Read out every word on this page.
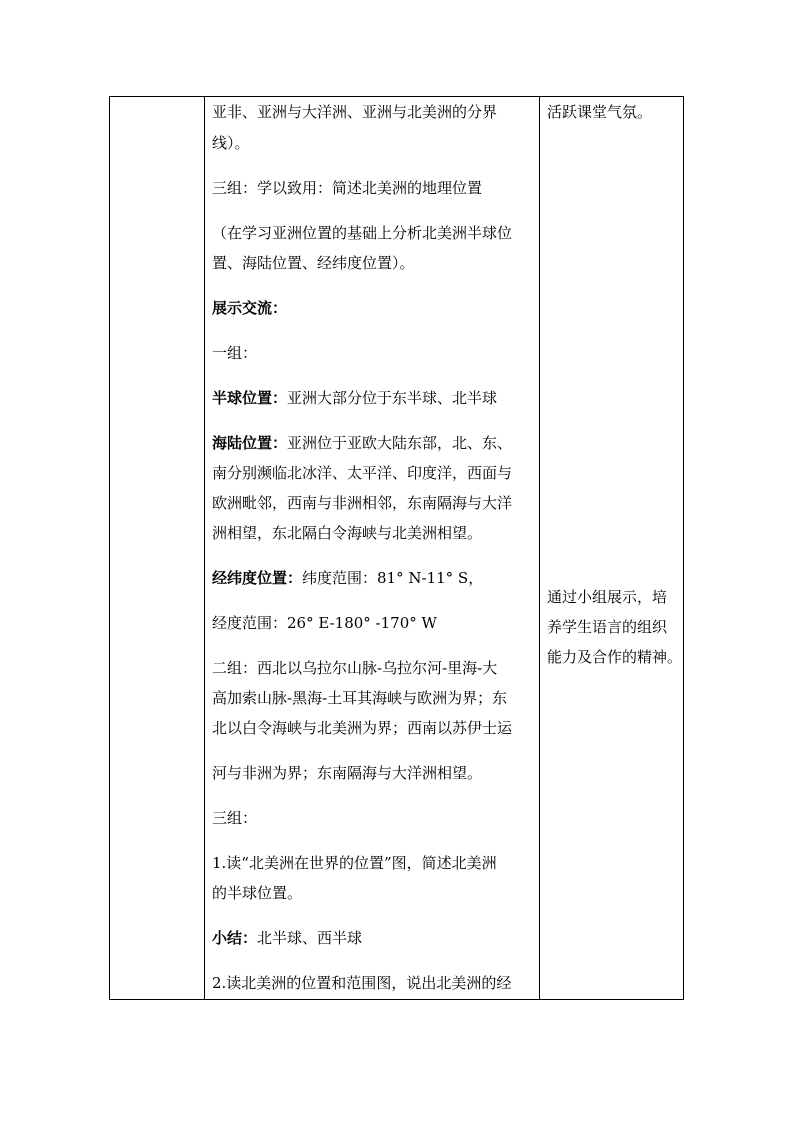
亚非、亚洲与大洋洲、亚洲与北美洲的分界

线）。

三组：学以致用：简述北美洲的地理位置

（在学习亚洲位置的基础上分析北美洲半球位

置、海陆位置、经纬度位置）。

展示交流：

一组：

半球位置：亚洲大部分位于东半球、北半球

海陆位置：亚洲位于亚欧大陆东部，北、东、

南分别濒临北冰洋、太平洋、印度洋，西面与

欧洲毗邻，西南与非洲相邻，东南隔海与大洋

洲相望，东北隔白令海峡与北美洲相望。

经纬度位置：纬度范围：81° N-11° S，

经度范围：26° E-180° -170° W

二组：西北以乌拉尔山脉-乌拉尔河-里海-大

高加索山脉-黑海-土耳其海峡与欧洲为界；东

北以白令海峡与北美洲为界；西南以苏伊士运

河与非洲为界；东南隔海与大洋洲相望。

三组：

1.读“北美洲在世界的位置”图，简述北美洲

的半球位置。

小结：北半球、西半球

2.读北美洲的位置和范围图，说出北美洲的经

活跃课堂气氛。

通过小组展示，培

养学生语言的组织

能力及合作的精神。
